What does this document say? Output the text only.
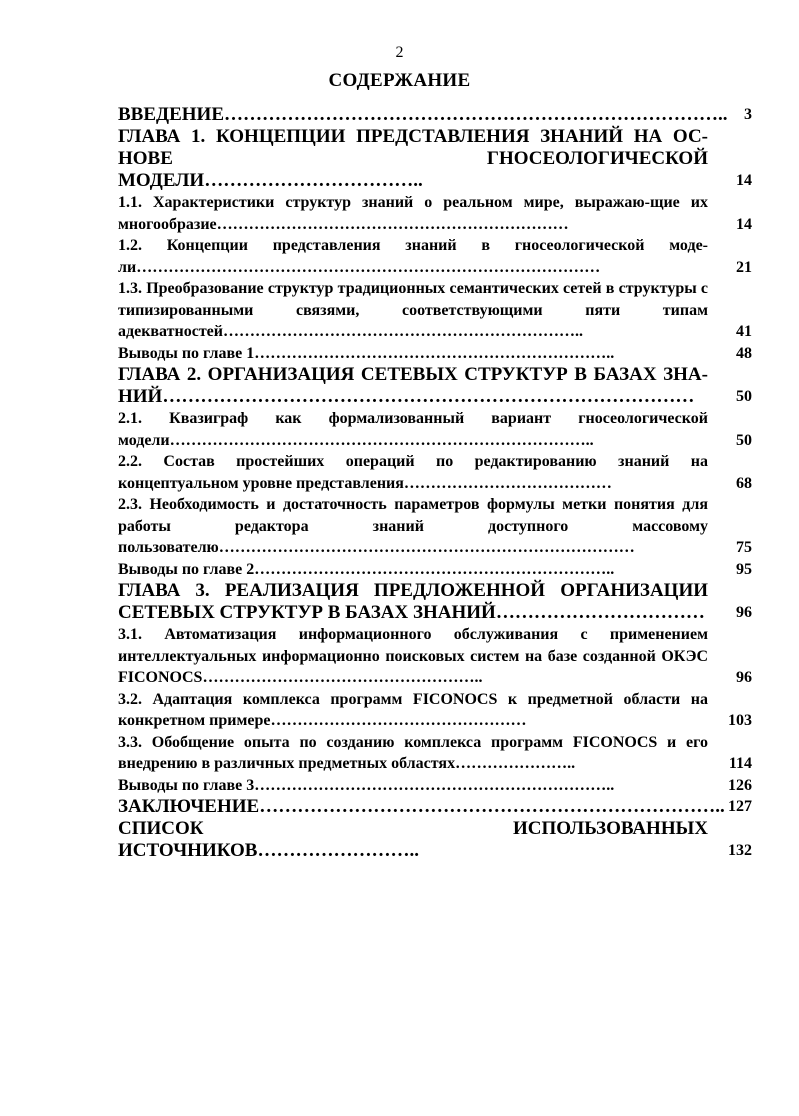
2
СОДЕРЖАНИЕ
ВВЕДЕНИЕ……………………………………………………………………..	3
ГЛАВА 1. КОНЦЕПЦИИ ПРЕДСТАВЛЕНИЯ ЗНАНИЙ НА ОС-НОВЕ ГНОСЕОЛОГИЧЕСКОЙ МОДЕЛИ……………………………..	14
1.1. Характеристики структур знаний о реальном мире, выражаю-щие их многообразие…………………………………………………………	14
1.2. Концепции представления знаний в гносеологической моде-ли……………………………………………………………………………	21
1.3. Преобразование структур традиционных семантических сетей в структуры с типизированными связями, соответствующими пяти типам адекватностей…………………………………………………………..	41
Выводы по главе 1…………………………………………………………..	48
ГЛАВА 2. ОРГАНИЗАЦИЯ СЕТЕВЫХ СТРУКТУР В БАЗАХ ЗНА-НИЙ…………………………………………………………………………	50
2.1. Квазиграф как формализованный вариант гносеологической модели……………………………………………………………………..	50
2.2. Состав простейших операций по редактированию знаний на концептуальном уровне представления…………………………………	68
2.3. Необходимость и достаточность параметров формулы метки понятия для работы редактора знаний доступного массовому пользователю……………………………………………………………………	75
Выводы по главе 2…………………………………………………………..	95
ГЛАВА 3. РЕАЛИЗАЦИЯ ПРЕДЛОЖЕННОЙ ОРГАНИЗАЦИИ СЕТЕВЫХ СТРУКТУР В БАЗАХ ЗНАНИЙ……………………………	96
3.1. Автоматизация информационного обслуживания с применением интеллектуальных информационно поисковых систем на базе созданной ОКЭС FICONOCS……………………………………………..	96
3.2. Адаптация комплекса программ FICONOCS к предметной области на конкретном примере…………………………………………	103
3.3. Обобщение опыта по созданию комплекса программ FICONOCS и его внедрению в различных предметных областях…………………..	114
Выводы по главе 3…………………………………………………………..	126
ЗАКЛЮЧЕНИЕ……………………………………………………………….. 127
СПИСОК ИСПОЛЬЗОВАННЫХ ИСТОЧНИКОВ……………………..	132
